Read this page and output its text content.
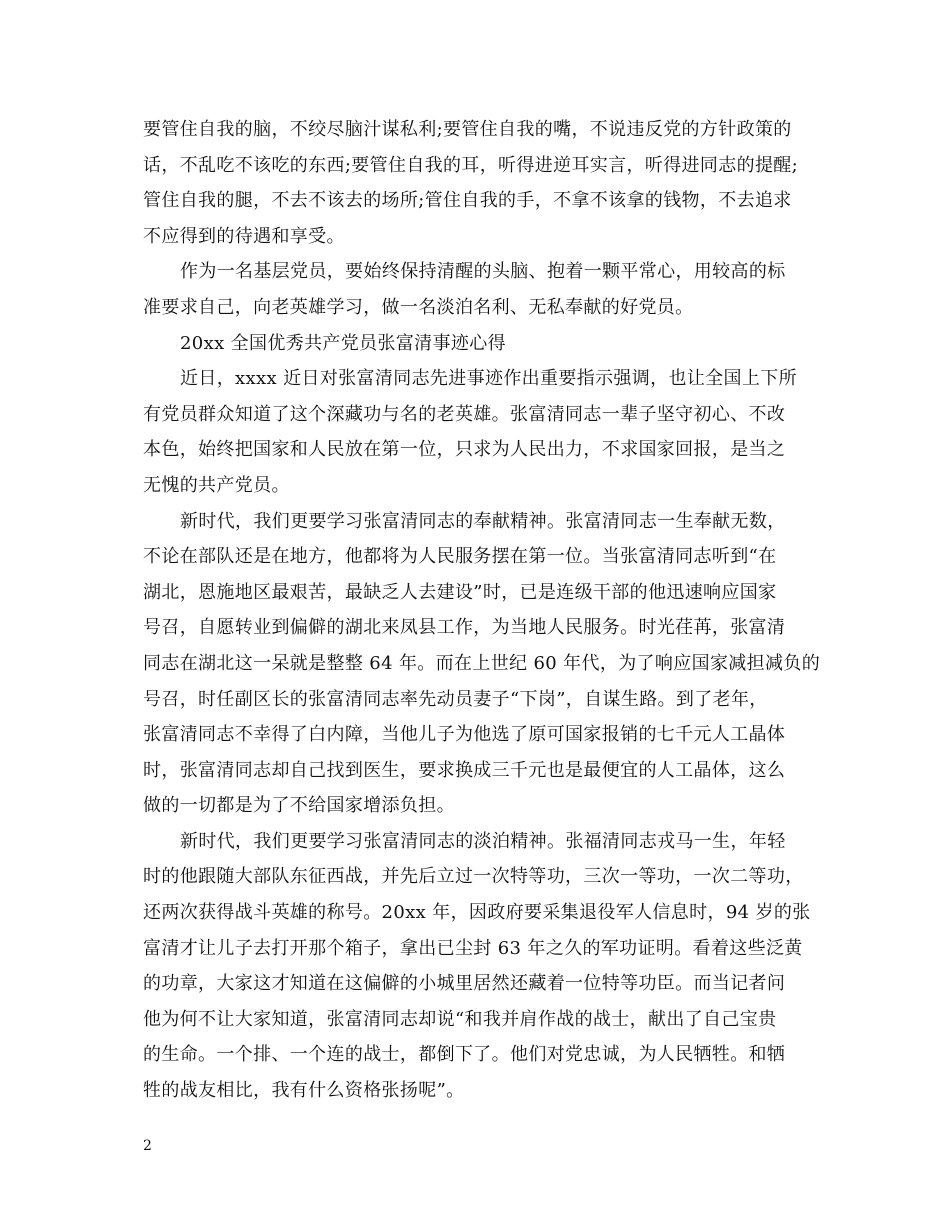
要管住自我的脑，不绞尽脑汁谋私利;要管住自我的嘴，不说违反党的方针政策的
话，不乱吃不该吃的东西;要管住自我的耳，听得进逆耳实言，听得进同志的提醒;
管住自我的腿，不去不该去的场所;管住自我的手，不拿不该拿的钱物，不去追求
不应得到的待遇和享受。
作为一名基层党员，要始终保持清醒的头脑、抱着一颗平常心，用较高的标
准要求自己，向老英雄学习，做一名淡泊名利、无私奉献的好党员。
20xx 全国优秀共产党员张富清事迹心得
近日，xxxx 近日对张富清同志先进事迹作出重要指示强调，也让全国上下所
有党员群众知道了这个深藏功与名的老英雄。张富清同志一辈子坚守初心、不改
本色，始终把国家和人民放在第一位，只求为人民出力，不求国家回报，是当之
无愧的共产党员。
新时代，我们更要学习张富清同志的奉献精神。张富清同志一生奉献无数，
不论在部队还是在地方，他都将为人民服务摆在第一位。当张富清同志听到“在
湖北，恩施地区最艰苦，最缺乏人去建设”时，已是连级干部的他迅速响应国家
号召，自愿转业到偏僻的湖北来凤县工作，为当地人民服务。时光荏苒，张富清
同志在湖北这一呆就是整整 64 年。而在上世纪 60 年代，为了响应国家减担减负的
号召，时任副区长的张富清同志率先动员妻子“下岗”，自谋生路。到了老年，
张富清同志不幸得了白内障，当他儿子为他选了原可国家报销的七千元人工晶体
时，张富清同志却自己找到医生，要求换成三千元也是最便宜的人工晶体，这么
做的一切都是为了不给国家增添负担。
新时代，我们更要学习张富清同志的淡泊精神。张福清同志戎马一生，年轻
时的他跟随大部队东征西战，并先后立过一次特等功，三次一等功，一次二等功，
还两次获得战斗英雄的称号。20xx 年，因政府要采集退役军人信息时，94 岁的张
富清才让儿子去打开那个箱子，拿出已尘封 63 年之久的军功证明。看着这些泛黄
的功章，大家这才知道在这偏僻的小城里居然还藏着一位特等功臣。而当记者问
他为何不让大家知道，张富清同志却说“和我并肩作战的战士，献出了自己宝贵
的生命。一个排、一个连的战士，都倒下了。他们对党忠诚，为人民牺牲。和牺
牲的战友相比，我有什么资格张扬呢”。
2
